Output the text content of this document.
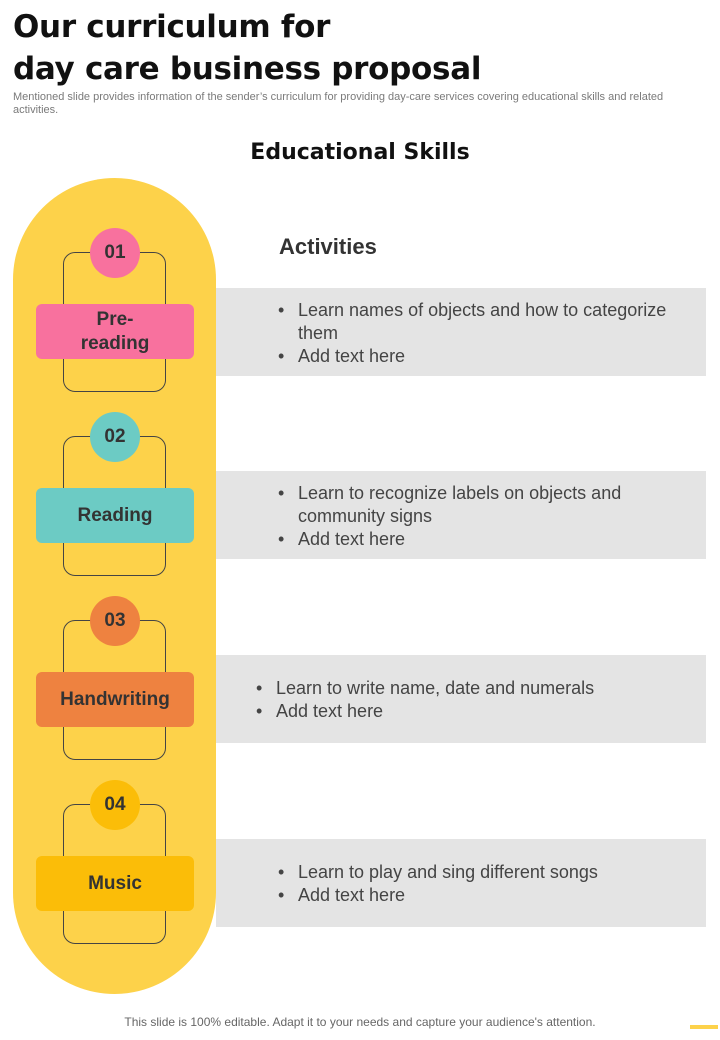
Our curriculum for
day care business proposal
Mentioned slide provides information of the sender’s curriculum for providing day-care services covering educational skills and related activities.
Educational Skills
Activities
• Learn names of objects and how to categorize them
• Add text here
01
Pre-reading
• Learn to recognize labels on objects and community signs
• Add text here
02
Reading
• Learn to write name, date and numerals
• Add text here
03
Handwriting
• Learn to play and sing different songs
• Add text here
04
Music
This slide is 100% editable. Adapt it to your needs and capture your audience's attention.
